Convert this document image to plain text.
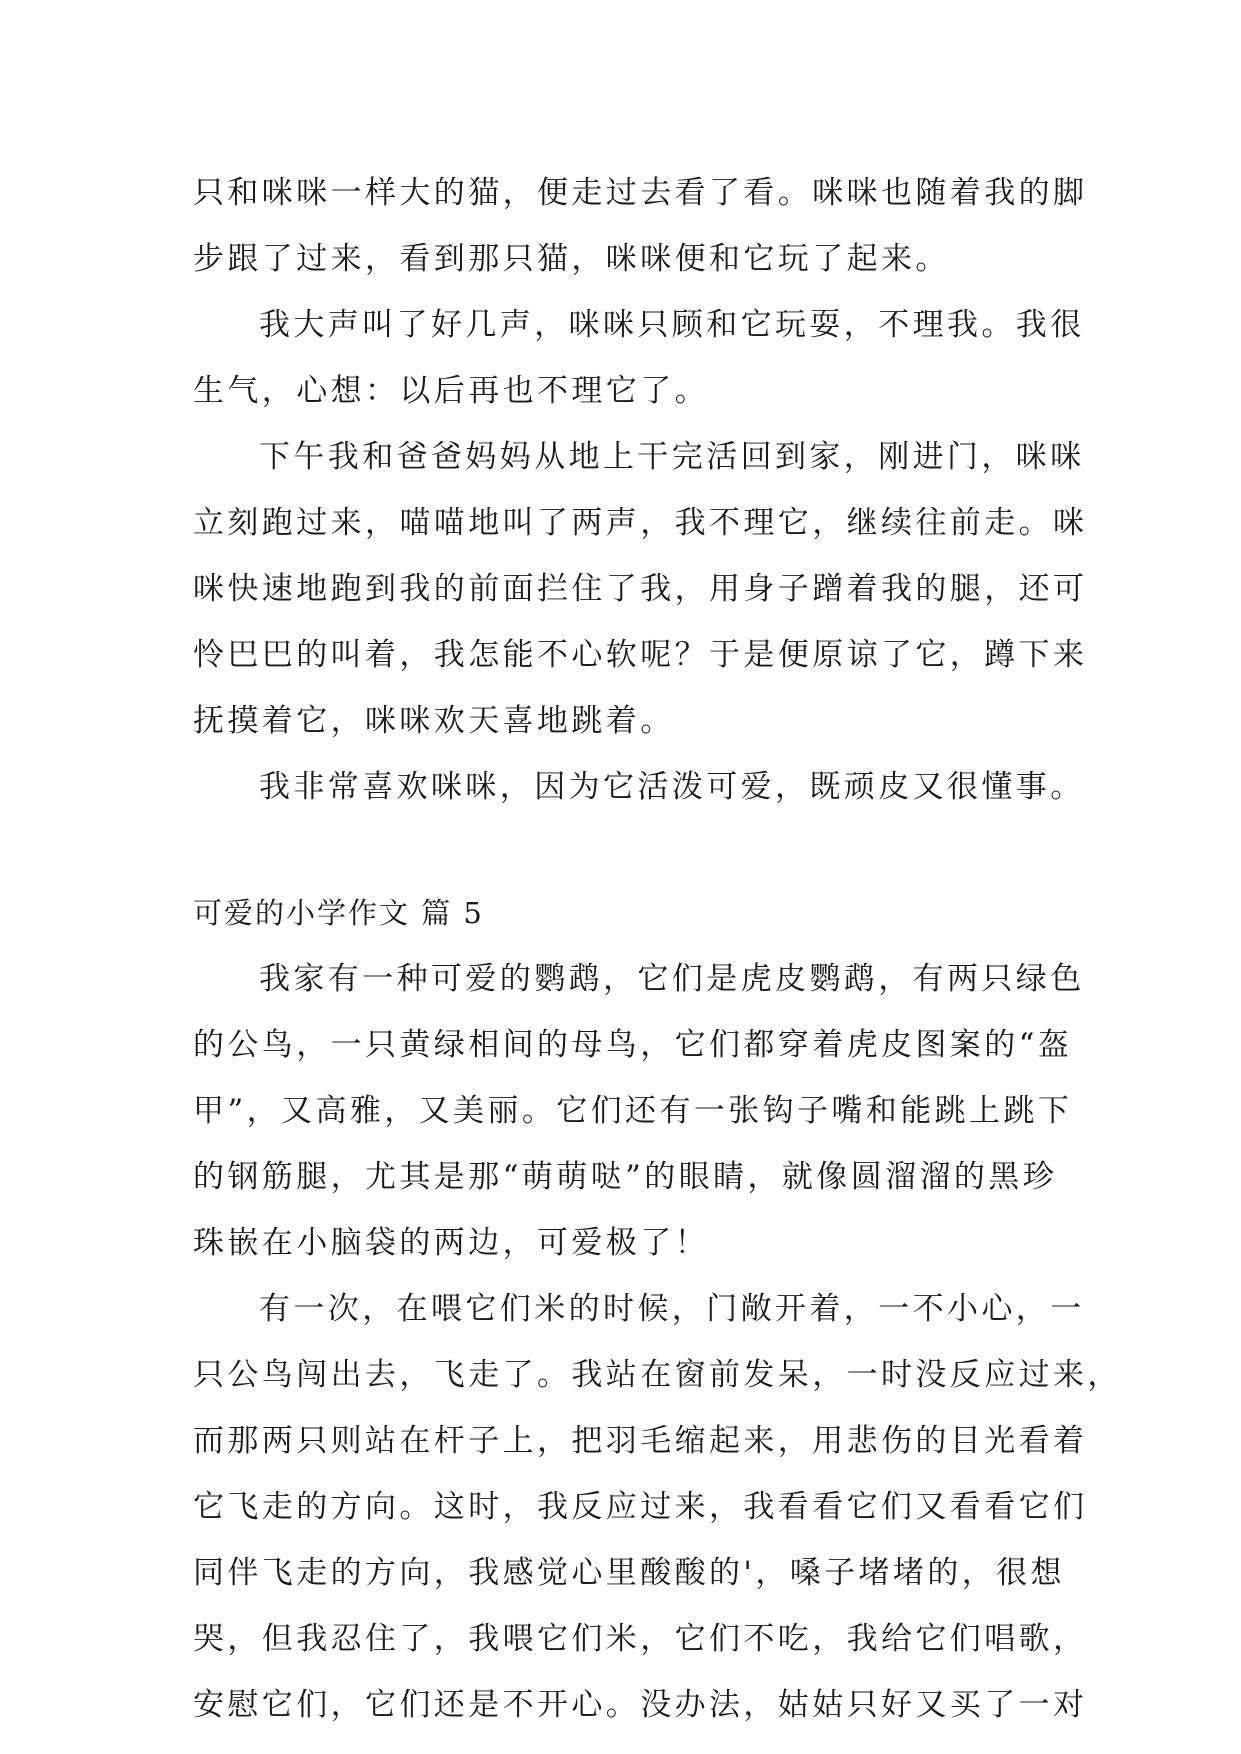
只和咪咪一样大的猫，便走过去看了看。咪咪也随着我的脚
步跟了过来，看到那只猫，咪咪便和它玩了起来。
我大声叫了好几声，咪咪只顾和它玩耍，不理我。我很
生气，心想：以后再也不理它了。
下午我和爸爸妈妈从地上干完活回到家，刚进门，咪咪
立刻跑过来，喵喵地叫了两声，我不理它，继续往前走。咪
咪快速地跑到我的前面拦住了我，用身子蹭着我的腿，还可
怜巴巴的叫着，我怎能不心软呢？于是便原谅了它，蹲下来
抚摸着它，咪咪欢天喜地跳着。
我非常喜欢咪咪，因为它活泼可爱，既顽皮又很懂事。
可爱的小学作文 篇 5
我家有一种可爱的鹦鹉，它们是虎皮鹦鹉，有两只绿色
的公鸟，一只黄绿相间的母鸟，它们都穿着虎皮图案的“盔
甲”，又高雅，又美丽。它们还有一张钩子嘴和能跳上跳下
的钢筋腿，尤其是那“萌萌哒”的眼睛，就像圆溜溜的黑珍
珠嵌在小脑袋的两边，可爱极了！
有一次，在喂它们米的时候，门敞开着，一不小心，一
只公鸟闯出去，飞走了。我站在窗前发呆，一时没反应过来，
而那两只则站在杆子上，把羽毛缩起来，用悲伤的目光看着
它飞走的方向。这时，我反应过来，我看看它们又看看它们
同伴飞走的方向，我感觉心里酸酸的'，嗓子堵堵的，很想
哭，但我忍住了，我喂它们米，它们不吃，我给它们唱歌，
安慰它们，它们还是不开心。没办法，姑姑只好又买了一对
